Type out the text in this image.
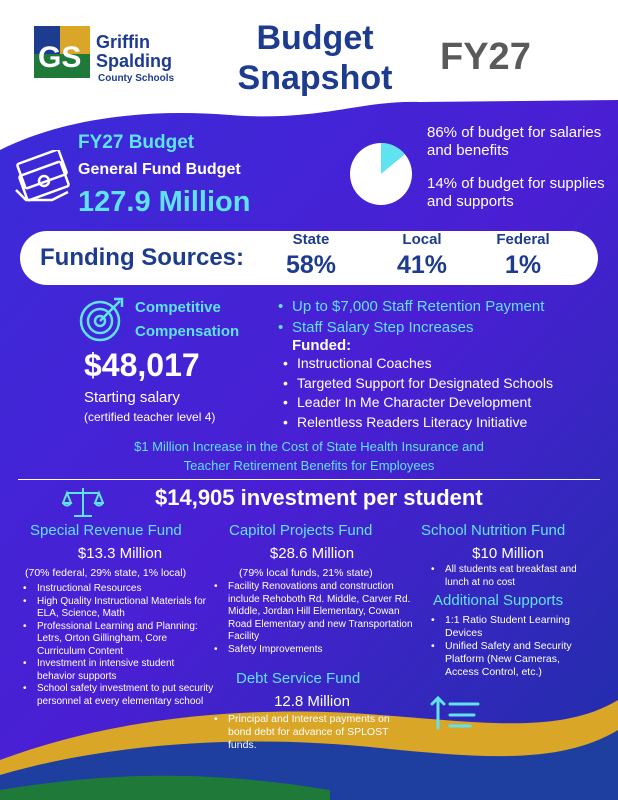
GS Griffin
Spalding
County Schools
Budget
Snapshot	FY27
FY27 Budget
General Fund Budget
127.9 Million
86% of budget for salaries and benefits
14% of budget for supplies and supports
Funding Sources:
State
58%
Local
41%
Federal
1%
Competitive
Compensation
$48,017
Starting salary
(certified teacher level 4)
• Up to $7,000 Staff Retention Payment
• Staff Salary Step Increases
Funded:
• Instructional Coaches
• Targeted Support for Designated Schools
• Leader In Me Character Development
• Relentless Readers Literacy Initiative
$1 Million Increase in the Cost of State Health Insurance and
Teacher Retirement Benefits for Employees
$14,905 investment per student
Special Revenue Fund
$13.3 Million
(70% federal, 29% state, 1% local)
• Instructional Resources
• High Quality Instructional Materials for ELA, Science, Math
• Professional Learning and Planning: Letrs, Orton Gillingham, Core Curriculum Content
• Investment in intensive student behavior supports
• School safety investment to put security personnel at every elementary school
Capitol Projects Fund
$28.6 Million
(79% local funds, 21% state)
• Facility Renovations and construction include Rehoboth Rd. Middle, Carver Rd. Middle, Jordan Hill Elementary, Cowan Road Elementary and new Transportation Facility
• Safety Improvements
Debt Service Fund
12.8 Million
• Principal and Interest payments on bond debt for advance of SPLOST funds.
School Nutrition Fund
$10 Million
• All students eat breakfast and lunch at no cost
Additional Supports
• 1:1 Ratio Student Learning Devices
• Unified Safety and Security Platform (New Cameras, Access Control, etc.)
